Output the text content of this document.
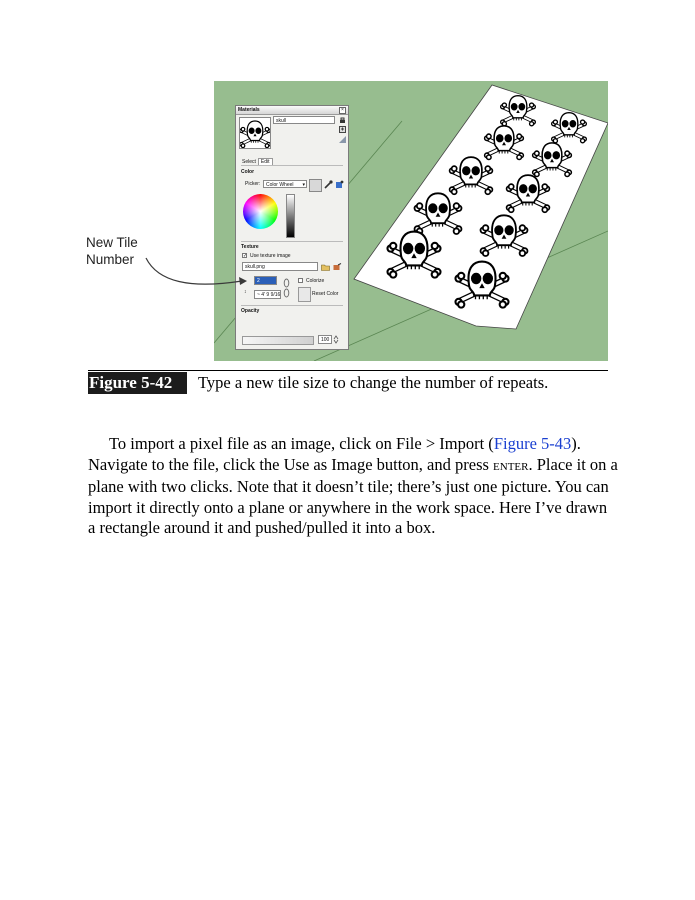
Materials	×
skull
Select Edit
Color
Picker:	Color Wheel ▾
Texture
✓ Use texture image
skull.png
2
↕	~ 4' 9 9/16
Colorize
Reset Color
Opacity
100
New Tile
Number
Figure 5-42	Type a new tile size to change the number of repeats.

To import a pixel file as an image, click on File > Import (Figure 5-43). Navigate to the file, click the Use as Image button, and press ENTER. Place it on a plane with two clicks. Note that it doesn’t tile; there’s just one picture. You can import it directly onto a plane or anywhere in the work space. Here I’ve drawn a rectangle around it and pushed/pulled it into a box.
